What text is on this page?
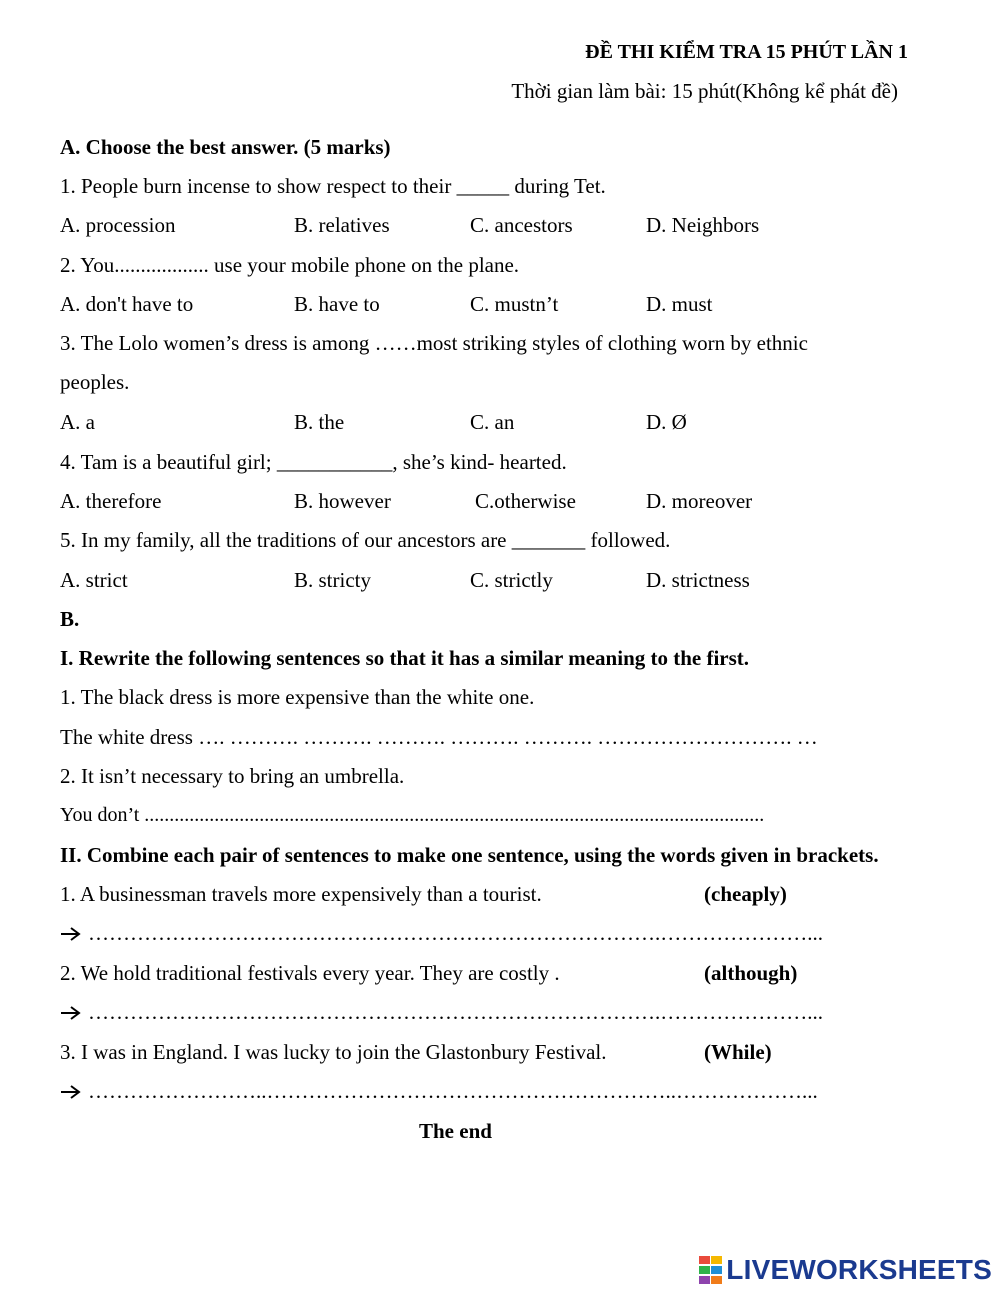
ĐỀ THI KIỂM TRA 15 PHÚT LẦN 1
Thời gian làm bài: 15 phút(Không kể phát đề)
A. Choose the best answer. (5 marks)
1. People burn incense to show respect to their _____ during Tet.
A. procession	B. relatives	C. ancestors	D. Neighbors
2. You.................. use your mobile phone on the plane.
A. don't have to	B. have to	C. mustn’t	D. must
3. The Lolo women’s dress is among ……most striking styles of clothing worn by ethnic
peoples.
A. a	B. the	C. an	D. Ø
4. Tam is a beautiful girl; ___________, she’s kind- hearted.
A. therefore	B. however	C.otherwise	D. moreover
5. In my family, all the traditions of our ancestors are _______ followed.
A. strict	B. stricty	C. strictly	D. strictness
B.
I. Rewrite the following sentences so that it has a similar meaning to the first.
1. The black dress is more expensive than the white one.
The white dress …. ………. ………. ………. ………. ………. ………………………. …
2. It isn’t necessary to bring an umbrella.
You don’t ............................................................................................................................
II. Combine each pair of sentences to make one sentence, using the words given in brackets.
1. A businessman travels more expensively than a tourist.	(cheaply)
……………………………………………………………………….…………………...
2. We hold traditional festivals every year. They are costly .	(although)
……………………………………………………………………….…………………...
3. I was in England. I was lucky to join the Glastonbury Festival.	(While)
……………………..…………………………………………………..………………...
The end
LIVEWORKSHEETS
